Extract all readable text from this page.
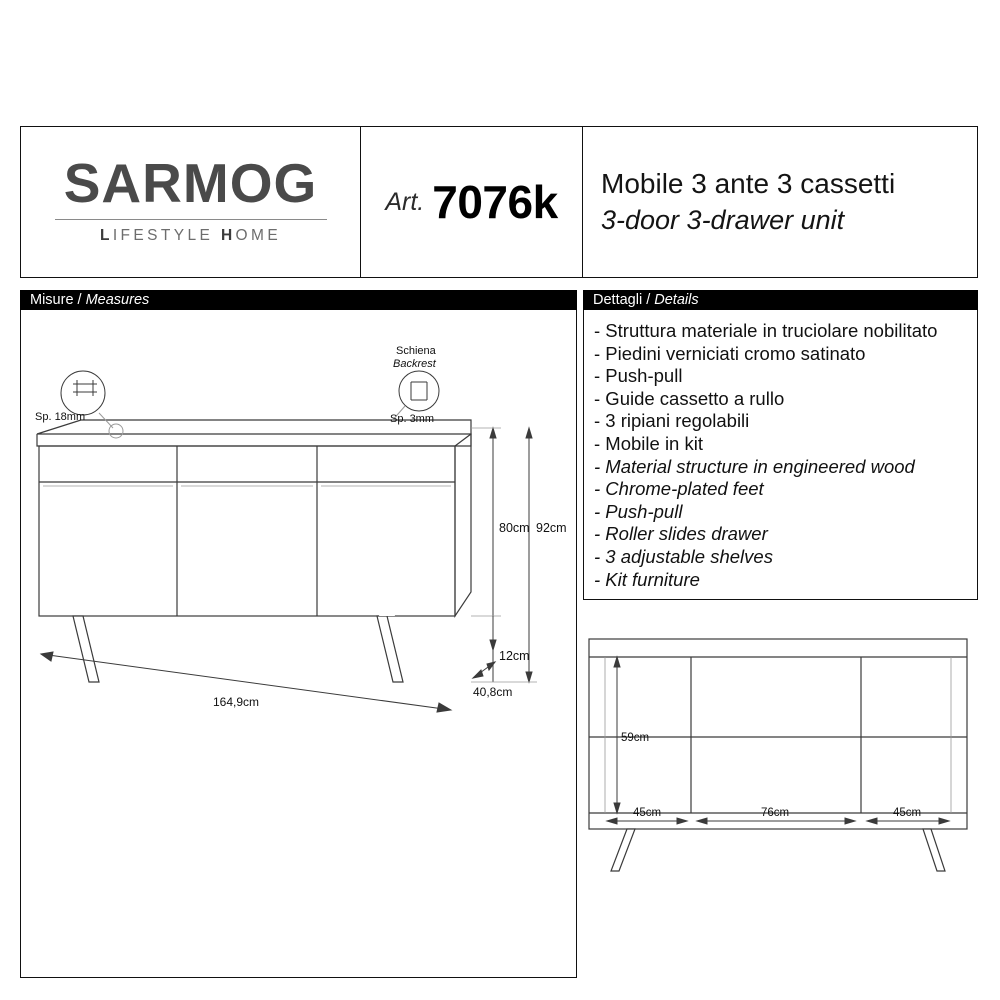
SARMOG
LIFESTYLE HOME
Art. 7076k Mobile 3 ante 3 cassetti
3-door 3-drawer unit
Misure / Measures	Dettagli / Details
Sp. 18mm
Schiena
Backrest
Sp. 3mm
164,9cm
40,8cm
80cm 92cm
12cm
- Struttura materiale in truciolare nobilitato
- Piedini verniciati cromo satinato
- Push-pull
- Guide cassetto a rullo
- 3 ripiani regolabili
- Mobile in kit
- Material structure in engineered wood
- Chrome-plated feet
- Push-pull
- Roller slides drawer
- 3 adjustable shelves
- Kit furniture
59cm
45cm	76cm	45cm
